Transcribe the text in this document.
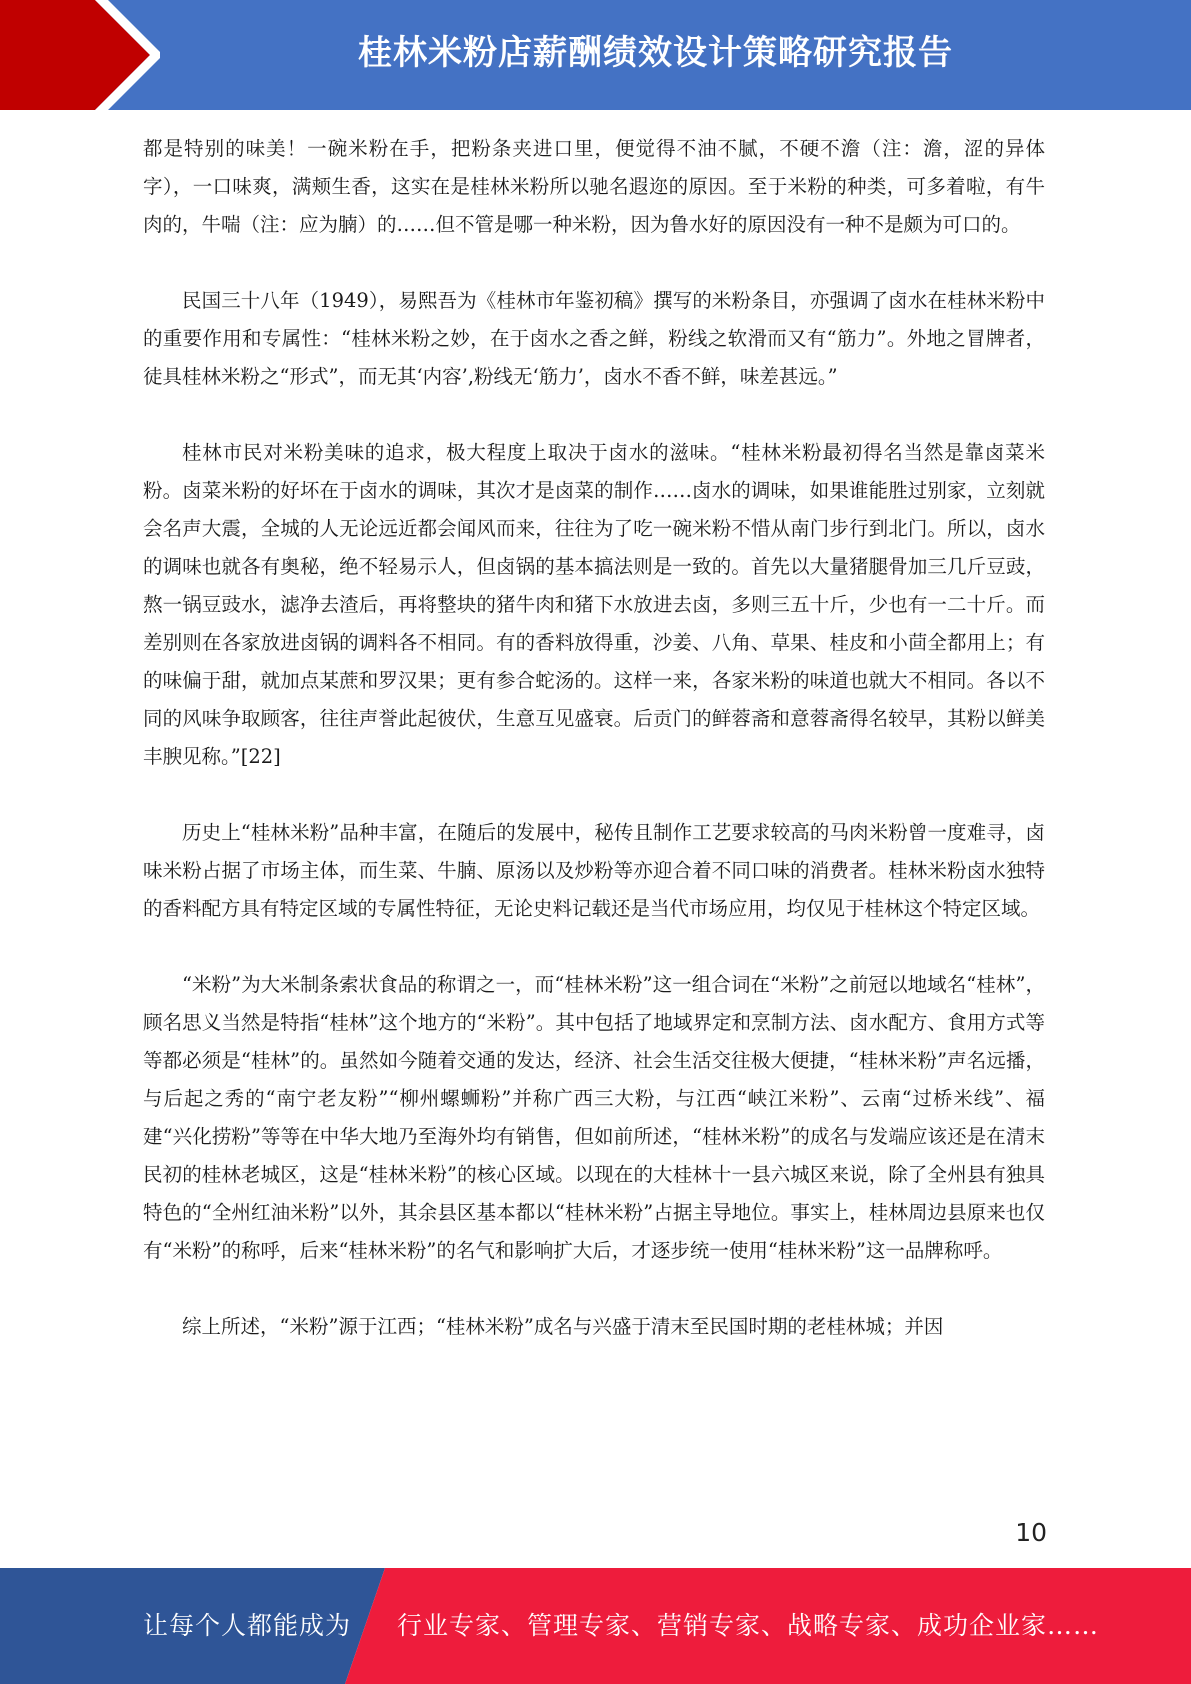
桂林米粉店薪酬绩效设计策略研究报告

都是特别的味美！一碗米粉在手，把粉条夹进口里，便觉得不油不腻，不硬不澹（注：澹，涩的异体字），一口味爽，满颊生香，这实在是桂林米粉所以驰名遐迩的原因。至于米粉的种类，可多着啦，有牛肉的，牛喘（注：应为腩）的……但不管是哪一种米粉，因为鲁水好的原因没有一种不是颇为可口的。

民国三十八年（1949），易熙吾为《桂林市年鉴初稿》撰写的米粉条目，亦强调了卤水在桂林米粉中的重要作用和专属性：“桂林米粉之妙，在于卤水之香之鲜，粉线之软滑而又有“筋力”。外地之冒牌者，徒具桂林米粉之“形式”，而无其‘内容’,粉线无‘筋力’，卤水不香不鲜，味差甚远。”

桂林市民对米粉美味的追求，极大程度上取决于卤水的滋味。“桂林米粉最初得名当然是靠卤菜米粉。卤菜米粉的好坏在于卤水的调味，其次才是卤菜的制作……卤水的调味，如果谁能胜过别家，立刻就会名声大震，全城的人无论远近都会闻风而来，往往为了吃一碗米粉不惜从南门步行到北门。所以，卤水的调味也就各有奥秘，绝不轻易示人，但卤锅的基本搞法则是一致的。首先以大量猪腿骨加三几斤豆豉，熬一锅豆豉水，滤净去渣后，再将整块的猪牛肉和猪下水放进去卤，多则三五十斤，少也有一二十斤。而差别则在各家放进卤锅的调料各不相同。有的香料放得重，沙姜、八角、草果、桂皮和小茴全都用上；有的味偏于甜，就加点某蔗和罗汉果；更有参合蛇汤的。这样一来，各家米粉的味道也就大不相同。各以不同的风味争取顾客，往往声誉此起彼伏，生意互见盛衰。后贡门的鲜蓉斋和意蓉斋得名较早，其粉以鲜美丰腴见称。”[22]

历史上“桂林米粉”品种丰富，在随后的发展中，秘传且制作工艺要求较高的马肉米粉曾一度难寻，卤味米粉占据了市场主体，而生菜、牛腩、原汤以及炒粉等亦迎合着不同口味的消费者。桂林米粉卤水独特的香料配方具有特定区域的专属性特征，无论史料记载还是当代市场应用，均仅见于桂林这个特定区域。

“米粉”为大米制条索状食品的称谓之一，而“桂林米粉”这一组合词在“米粉”之前冠以地域名“桂林”，顾名思义当然是特指“桂林”这个地方的“米粉”。其中包括了地域界定和烹制方法、卤水配方、食用方式等等都必须是“桂林”的。虽然如今随着交通的发达，经济、社会生活交往极大便捷，“桂林米粉”声名远播，与后起之秀的“南宁老友粉”“柳州螺蛳粉”并称广西三大粉，与江西“峡江米粉”、云南“过桥米线”、福建“兴化捞粉”等等在中华大地乃至海外均有销售，但如前所述，“桂林米粉”的成名与发端应该还是在清末民初的桂林老城区，这是“桂林米粉”的核心区域。以现在的大桂林十一县六城区来说，除了全州县有独具特色的“全州红油米粉”以外，其余县区基本都以“桂林米粉”占据主导地位。事实上，桂林周边县原来也仅有“米粉”的称呼，后来“桂林米粉”的名气和影响扩大后，才逐步统一使用“桂林米粉”这一品牌称呼。

综上所述，“米粉”源于江西；“桂林米粉”成名与兴盛于清末至民国时期的老桂林城；并因

10
让每个人都能成为 行业专家、管理专家、营销专家、战略专家、成功企业家……
